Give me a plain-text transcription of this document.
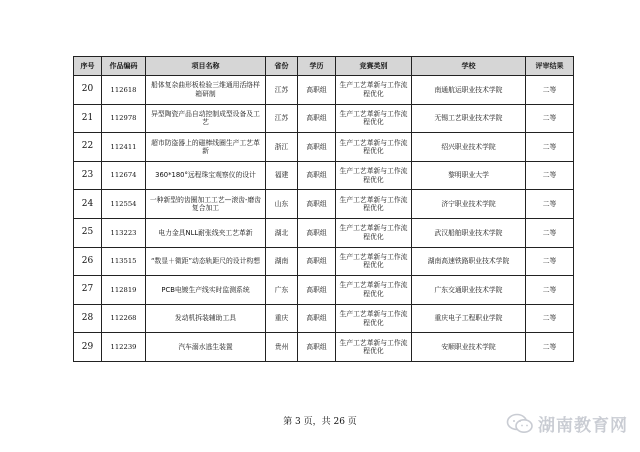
序号	作品编码	项目名称	省份	学历	竞赛类别	学校	评审结果
20	112618	船体复杂曲形板检验三维通用活络样箱研制	江苏	高职组	生产工艺革新与工作流程优化	南通航运职业技术学院	二等
21	112978	异型陶瓷产品自动控制成型设备及工艺	江苏	高职组	生产工艺革新与工作流程优化	无锡工艺职业技术学院	二等
22	112411	超市防盗器上的磁棒线圈生产工艺革新	浙江	高职组	生产工艺革新与工作流程优化	绍兴职业技术学院	二等
23	112674	360*180°远程珠宝观察仪的设计	福建	高职组	生产工艺革新与工作流程优化	黎明职业大学	二等
24	112554	一种新型的齿圈加工工艺—滚齿-磨齿复合加工	山东	高职组	生产工艺革新与工作流程优化	济宁职业技术学院	二等
25	113223	电力金具NLL耐张线夹工艺革新	湖北	高职组	生产工艺革新与工作流程优化	武汉船舶职业技术学院	二等
26	113515	“数显＋微距”动态轨距尺的设计构想	湖南	高职组	生产工艺革新与工作流程优化	湖南高速铁路职业技术学院	二等
27	112819	PCB电镀生产线实时监测系统	广东	高职组	生产工艺革新与工作流程优化	广东交通职业技术学院	二等
28	112268	发动机拆装辅助工具	重庆	高职组	生产工艺革新与工作流程优化	重庆电子工程职业学院	二等
29	112239	汽车溺水逃生装置	贵州	高职组	生产工艺革新与工作流程优化	安顺职业技术学院	二等
第 3 页，共 26 页	湖南教育网
